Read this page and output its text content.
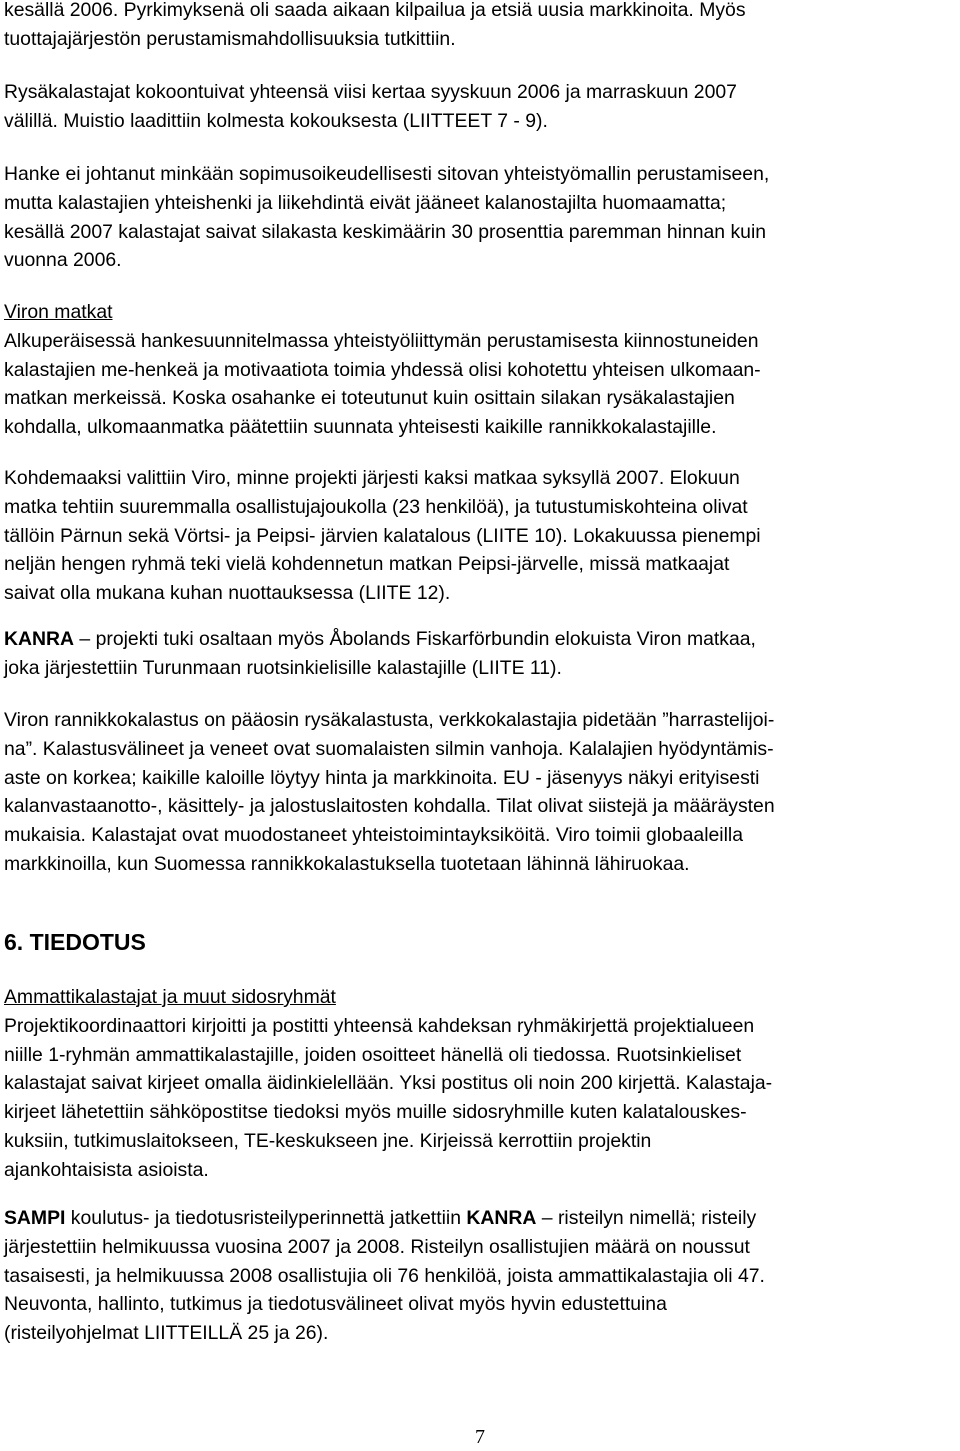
kesällä 2006. Pyrkimyksenä oli saada aikaan kilpailua ja etsiä uusia markkinoita. Myös

tuottajajärjestön perustamismahdollisuuksia tutkittiin.

Rysäkalastajat kokoontuivat yhteensä viisi kertaa syyskuun 2006 ja marraskuun 2007

välillä. Muistio laadittiin kolmesta kokouksesta (LIITTEET 7 - 9).

Hanke ei johtanut minkään sopimusoikeudellisesti sitovan yhteistyömallin perustamiseen,

mutta kalastajien yhteishenki ja liikehdintä eivät jääneet kalanostajilta huomaamatta;

kesällä 2007 kalastajat saivat silakasta keskimäärin 30 prosenttia paremman hinnan kuin

vuonna 2006.

Viron matkat

Alkuperäisessä hankesuunnitelmassa yhteistyöliittymän perustamisesta kiinnostuneiden

kalastajien me-henkeä ja motivaatiota toimia yhdessä olisi kohotettu yhteisen ulkomaan-

matkan merkeissä. Koska osahanke ei toteutunut kuin osittain silakan rysäkalastajien

kohdalla, ulkomaanmatka päätettiin suunnata yhteisesti kaikille rannikkokalastajille.

Kohdemaaksi valittiin Viro, minne projekti järjesti kaksi matkaa syksyllä 2007. Elokuun

matka tehtiin suuremmalla osallistujajoukolla (23 henkilöä), ja tutustumiskohteina olivat

tällöin Pärnun sekä Vörtsi- ja Peipsi- järvien kalatalous (LIITE 10). Lokakuussa pienempi

neljän hengen ryhmä teki vielä kohdennetun matkan Peipsi-järvelle, missä matkaajat

saivat olla mukana kuhan nuottauksessa (LIITE 12).

KANRA – projekti tuki osaltaan myös Åbolands Fiskarförbundin elokuista Viron matkaa,

joka järjestettiin Turunmaan ruotsinkielisille kalastajille (LIITE 11).

Viron rannikkokalastus on pääosin rysäkalastusta, verkkokalastajia pidetään ”harrastelijoi-

na”. Kalastusvälineet ja veneet ovat suomalaisten silmin vanhoja. Kalalajien hyödyntämis-

aste on korkea; kaikille kaloille löytyy hinta ja markkinoita. EU - jäsenyys näkyi erityisesti

kalanvastaanotto-, käsittely- ja jalostuslaitosten kohdalla. Tilat olivat siistejä ja määräysten

mukaisia. Kalastajat ovat muodostaneet yhteistoimintayksiköitä. Viro toimii globaaleilla

markkinoilla, kun Suomessa rannikkokalastuksella tuotetaan lähinnä lähiruokaa.

6. TIEDOTUS

Ammattikalastajat ja muut sidosryhmät

Projektikoordinaattori kirjoitti ja postitti yhteensä kahdeksan ryhmäkirjettä projektialueen

niille 1-ryhmän ammattikalastajille, joiden osoitteet hänellä oli tiedossa. Ruotsinkieliset

kalastajat saivat kirjeet omalla äidinkielellään. Yksi postitus oli noin 200 kirjettä. Kalastaja-

kirjeet lähetettiin sähköpostitse tiedoksi myös muille sidosryhmille kuten kalatalouskes-

kuksiin, tutkimuslaitokseen, TE-keskukseen jne. Kirjeissä kerrottiin projektin

ajankohtaisista asioista.

SAMPI koulutus- ja tiedotusristeilyperinnettä jatkettiin KANRA – risteilyn nimellä; risteily

järjestettiin helmikuussa vuosina 2007 ja 2008. Risteilyn osallistujien määrä on noussut

tasaisesti, ja helmikuussa 2008 osallistujia oli 76 henkilöä, joista ammattikalastajia oli 47.

Neuvonta, hallinto, tutkimus ja tiedotusvälineet olivat myös hyvin edustettuina

(risteilyohjelmat LIITTEILLÄ 25 ja 26).

7
